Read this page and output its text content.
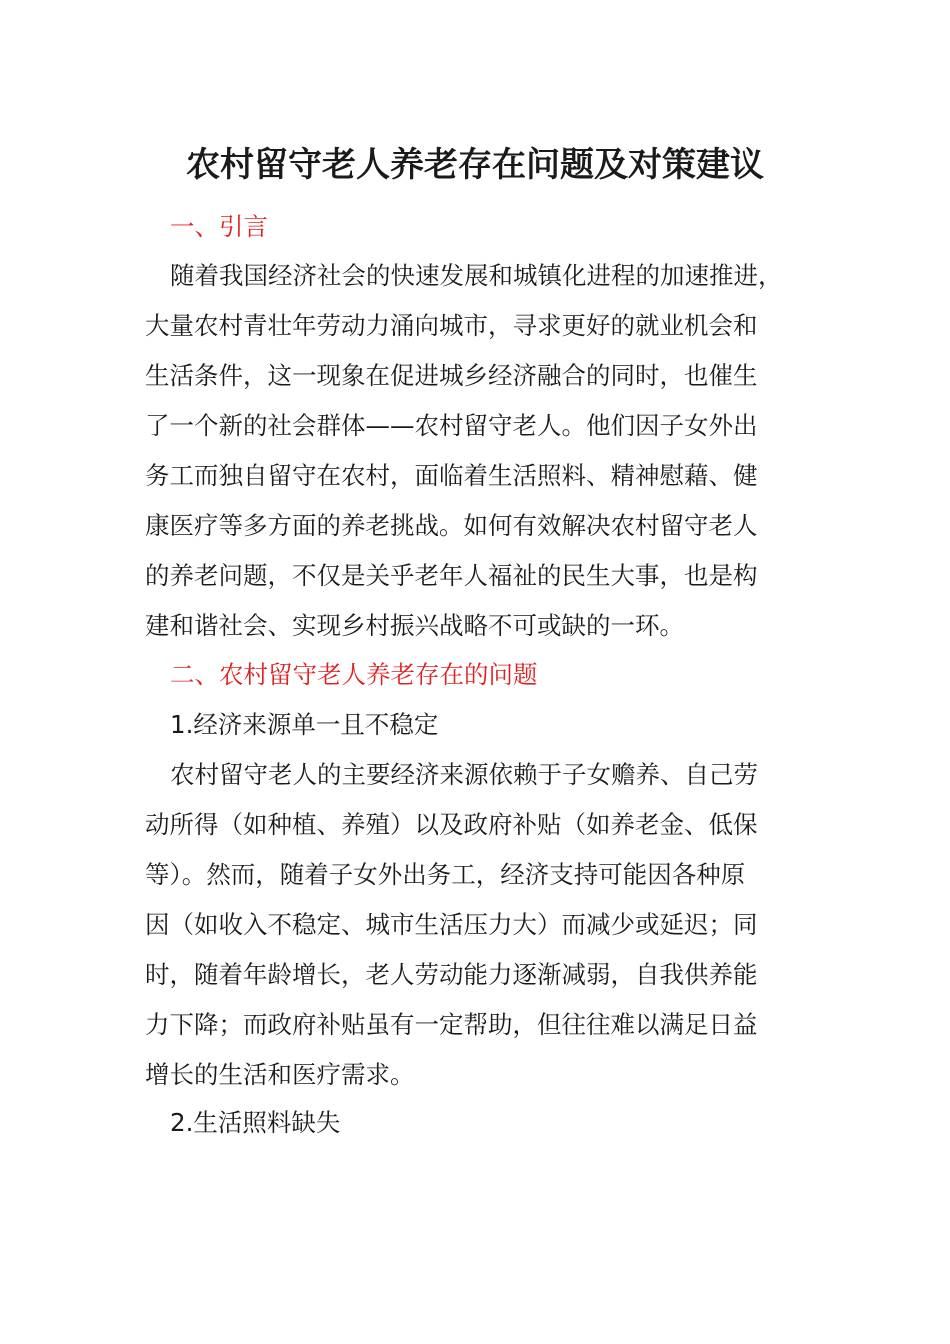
农村留守老人养老存在问题及对策建议
一、引言
随着我国经济社会的快速发展和城镇化进程的加速推进，
大量农村青壮年劳动力涌向城市，寻求更好的就业机会和
生活条件，这一现象在促进城乡经济融合的同时，也催生
了一个新的社会群体——农村留守老人。他们因子女外出
务工而独自留守在农村，面临着生活照料、精神慰藉、健
康医疗等多方面的养老挑战。如何有效解决农村留守老人
的养老问题，不仅是关乎老年人福祉的民生大事，也是构
建和谐社会、实现乡村振兴战略不可或缺的一环。
二、农村留守老人养老存在的问题
1.经济来源单一且不稳定
农村留守老人的主要经济来源依赖于子女赡养、自己劳
动所得（如种植、养殖）以及政府补贴（如养老金、低保
等）。然而，随着子女外出务工，经济支持可能因各种原
因（如收入不稳定、城市生活压力大）而减少或延迟；同
时，随着年龄增长，老人劳动能力逐渐减弱，自我供养能
力下降；而政府补贴虽有一定帮助，但往往难以满足日益
增长的生活和医疗需求。
2.生活照料缺失
